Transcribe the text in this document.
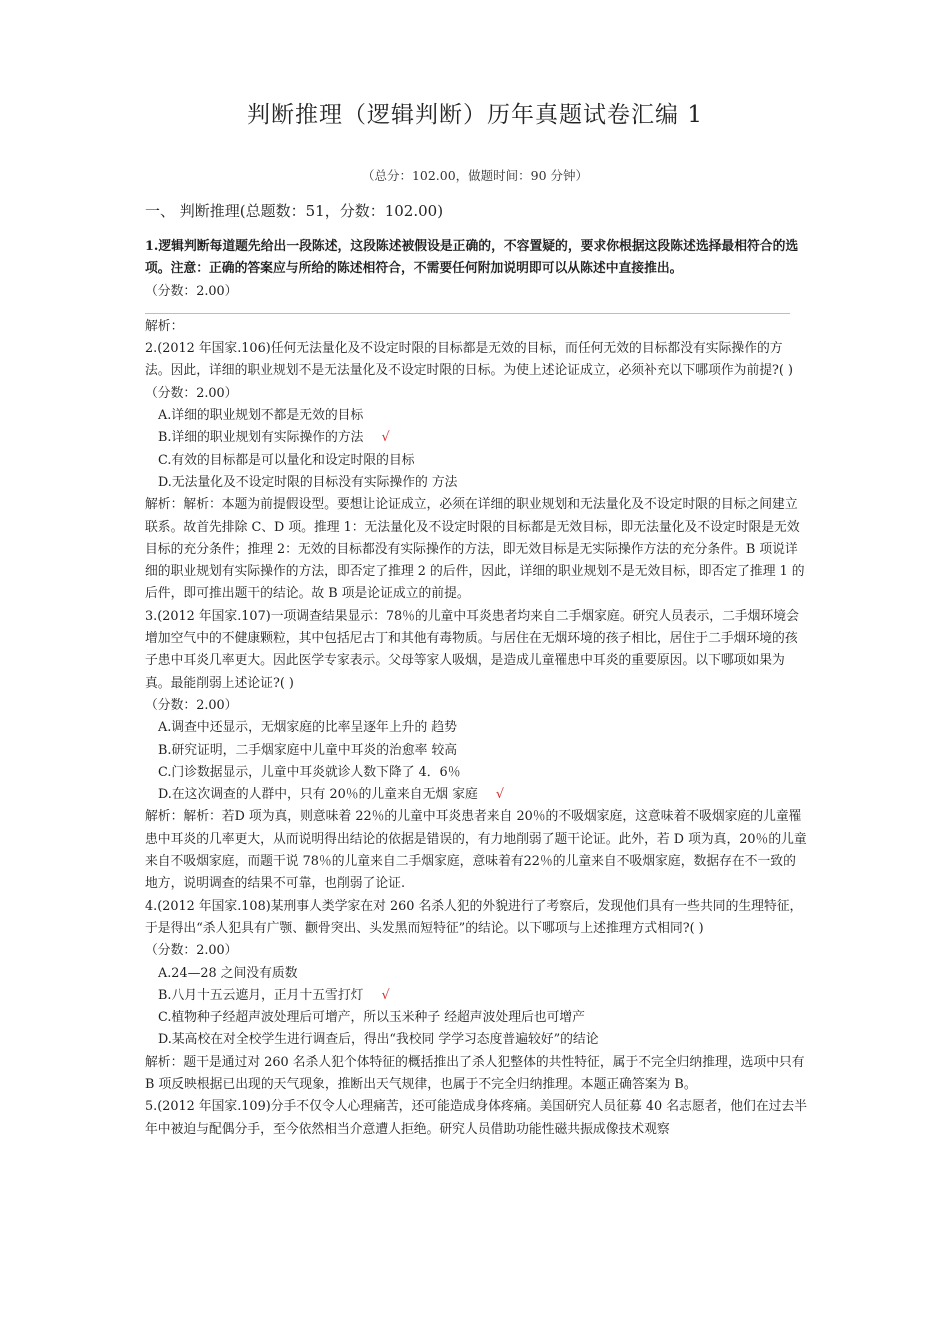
判断推理（逻辑判断）历年真题试卷汇编 1
（总分：102.00，做题时间：90 分钟）
一、 判断推理(总题数：51，分数：102.00)

1.逻辑判断每道题先给出一段陈述，这段陈述被假设是正确的，不容置疑的，要求你根据这段陈述选择最相符合的选项。注意：正确的答案应与所给的陈述相符合，不需要任何附加说明即可以从陈述中直接推出。

（分数：2.00）

解析：

2.(2012 年国家.106)任何无法量化及不设定时限的目标都是无效的目标，而任何无效的目标都没有实际操作的方法。因此，详细的职业规划不是无法量化及不设定时限的日标。为使上述论证成立，必须补充以下哪项作为前提?( )

（分数：2.00）

A.详细的职业规划不都是无效的目标

B.详细的职业规划有实际操作的方法 √

C.有效的目标都是可以量化和设定时限的目标

D.无法量化及不设定时限的目标没有实际操作的 方法

解析：解析：本题为前提假设型。要想让论证成立，必须在详细的职业规划和无法量化及不设定时限的目标之间建立联系。故首先排除 C、D 项。推理 1：无法量化及不设定时限的目标都是无效目标，即无法量化及不设定时限是无效目标的充分条件；推理 2：无效的目标都没有实际操作的方法，即无效目标是无实际操作方法的充分条件。B 项说详细的职业规划有实际操作的方法，即否定了推理 2 的后件，因此，详细的职业规划不是无效目标，即否定了推理 1 的后件，即可推出题干的结论。故 B 项是论证成立的前提。

3.(2012 年国家.107)一项调查结果显示：78％的儿童中耳炎患者均来自二手烟家庭。研究人员表示，二手烟环境会增加空气中的不健康颗粒，其中包括尼古丁和其他有毒物质。与居住在无烟环境的孩子相比，居住于二手烟环境的孩子患中耳炎几率更大。因此医学专家表示。父母等家人吸烟，是造成儿童罹患中耳炎的重要原因。以下哪项如果为真。最能削弱上述论证?( )

（分数：2.00）

A.调查中还显示，无烟家庭的比率呈逐年上升的 趋势

B.研究证明，二手烟家庭中儿童中耳炎的治愈率 较高

C.门诊数据显示，儿童中耳炎就诊人数下降了 4．6％

D.在这次调查的人群中，只有 20％的儿童来自无烟 家庭 √

解析：解析：若D 项为真，则意味着 22％的儿童中耳炎患者来自 20％的不吸烟家庭，这意味着不吸烟家庭的儿童罹患中耳炎的几率更大，从而说明得出结论的依据是错误的，有力地削弱了题干论证。此外，若 D 项为真，20％的儿童来自不吸烟家庭，而题干说 78％的儿童来自二手烟家庭，意味着有22％的儿童来自不吸烟家庭，数据存在不一致的地方，说明调查的结果不可靠，也削弱了论证.

4.(2012 年国家.108)某刑事人类学家在对 260 名杀人犯的外貌进行了考察后，发现他们具有一些共同的生理特征，于是得出“杀人犯具有广颚、颧骨突出、头发黑而短特征”的结论。以下哪项与上述推理方式相同?( )

（分数：2.00）

A.24—28 之间没有质数

B.八月十五云遮月，正月十五雪打灯 √

C.植物种子经超声波处理后可增产，所以玉米种子 经超声波处理后也可增产

D.某高校在对全校学生进行调查后，得出“我校同 学学习态度普遍较好”的结论

解析：题干是通过对 260 名杀人犯个体特征的概括推出了杀人犯整体的共性特征，属于不完全归纳推理，选项中只有 B 项反映根据已出现的天气现象，推断出天气规律，也属于不完全归纳推理。本题正确答案为 B。

5.(2012 年国家.109)分手不仅令人心理痛苦，还可能造成身体疼痛。美国研究人员征募 40 名志愿者，他们在过去半年中被迫与配偶分手，至今依然相当介意遭人拒绝。研究人员借助功能性磁共振成像技术观察
